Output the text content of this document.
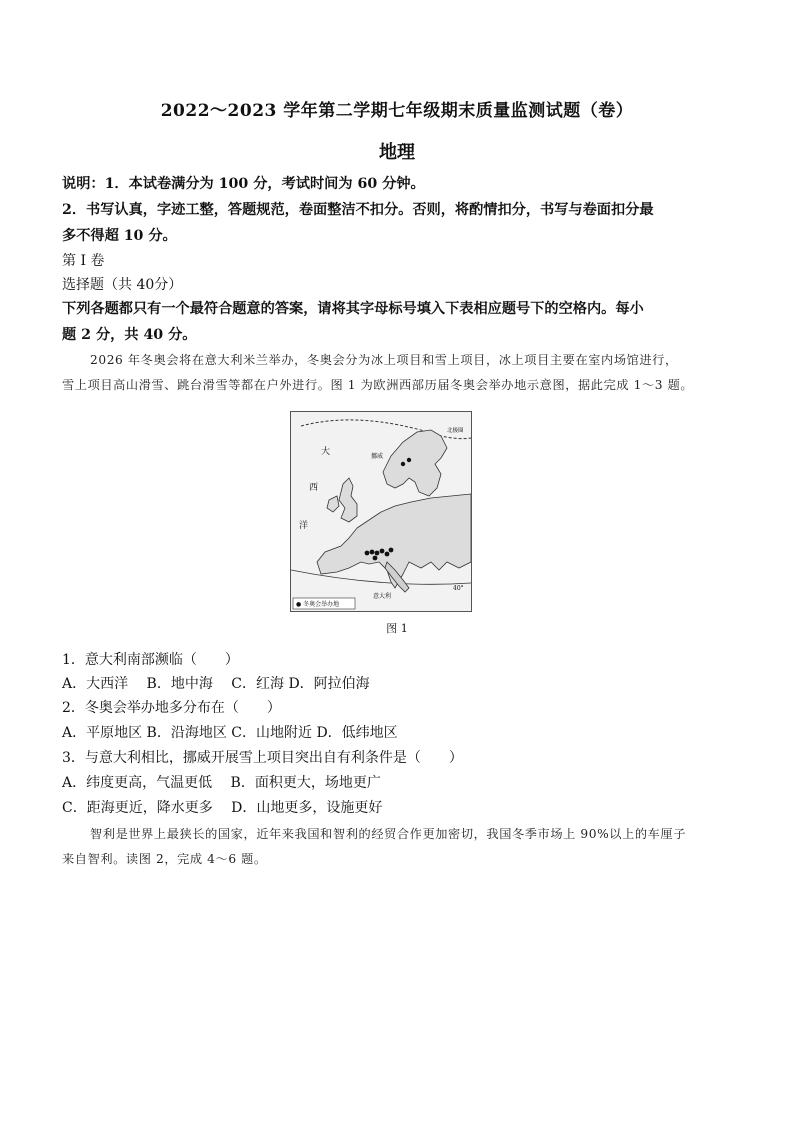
2022～2023 学年第二学期七年级期末质量监测试题（卷）
地理
说明：1．本试卷满分为 100 分，考试时间为 60 分钟。
2．书写认真，字迹工整，答题规范，卷面整洁不扣分。否则，将酌情扣分，书写与卷面扣分最
多不得超 10 分。
第 I 卷
选择题（共 40分）
下列各题都只有一个最符合题意的答案，请将其字母标号填入下表相应题号下的空格内。每小
题 2 分，共 40 分。
2026 年冬奥会将在意大利米兰举办，冬奥会分为冰上项目和雪上项目，冰上项目主要在室内场馆进行，
雪上项目高山滑雪、跳台滑雪等都在户外进行。图 1 为欧洲西部历届冬奥会举办地示意图，据此完成 1～3 题。
大
西
洋
挪威
意大利
北极圈
40°
● 冬奥会举办地
图 1
1．意大利南部濒临（　　）
A．大西洋　 B．地中海　 C．红海 D．阿拉伯海
2．冬奥会举办地多分布在（　　）
A．平原地区 B．沿海地区 C．山地附近 D．低纬地区
3．与意大利相比，挪威开展雪上项目突出自有利条件是（　　）
A．纬度更高，气温更低　 B．面积更大，场地更广
C．距海更近，降水更多　 D．山地更多，设施更好
智利是世界上最狭长的国家，近年来我国和智利的经贸合作更加密切，我国冬季市场上 90%以上的车厘子
来自智利。读图 2，完成 4～6 题。
